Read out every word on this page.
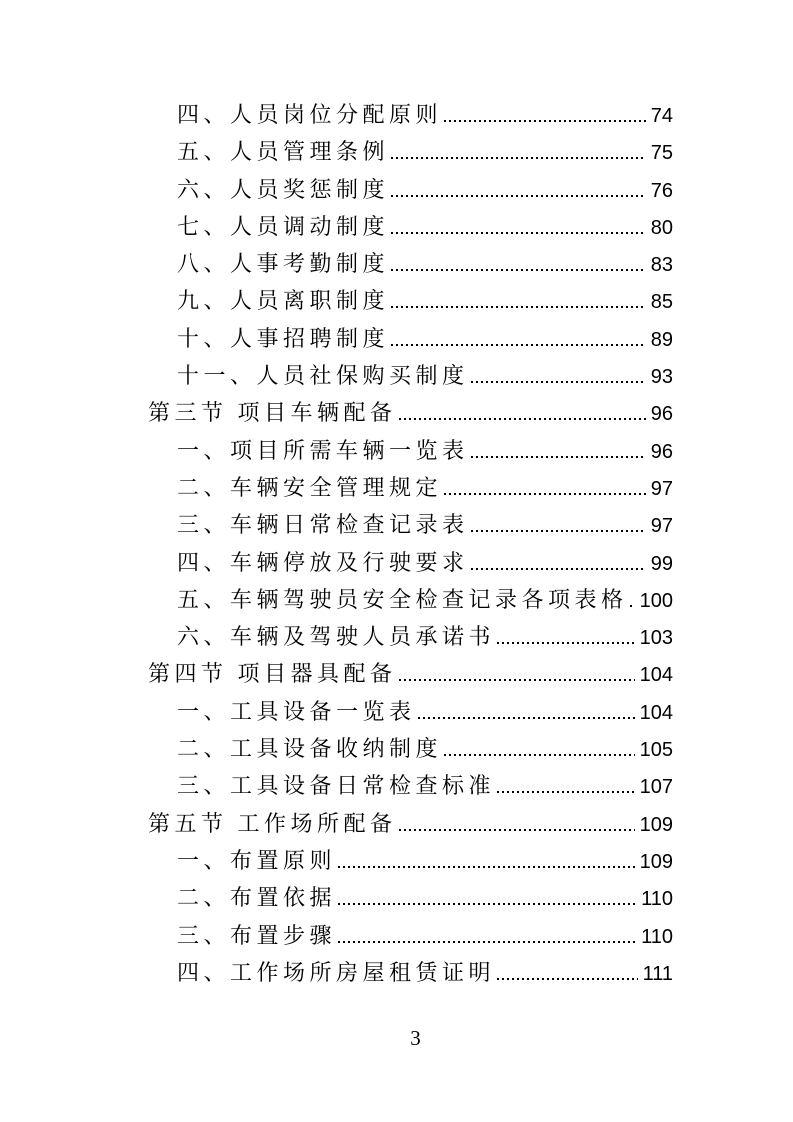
四、人员岗位分配原则	74
五、人员管理条例	75
六、人员奖惩制度	76
七、人员调动制度	80
八、人事考勤制度	83
九、人员离职制度	85
十、人事招聘制度	89
十一、人员社保购买制度	93
第三节 项目车辆配备	96
一、项目所需车辆一览表	96
二、车辆安全管理规定	97
三、车辆日常检查记录表	97
四、车辆停放及行驶要求	99
五、车辆驾驶员安全检查记录各项表格 100
六、车辆及驾驶人员承诺书	103
第四节 项目器具配备	104
一、工具设备一览表	104
二、工具设备收纳制度	105
三、工具设备日常检查标准	107
第五节 工作场所配备	109
一、布置原则	109
二、布置依据	110
三、布置步骤	110
四、工作场所房屋租赁证明	111
3
